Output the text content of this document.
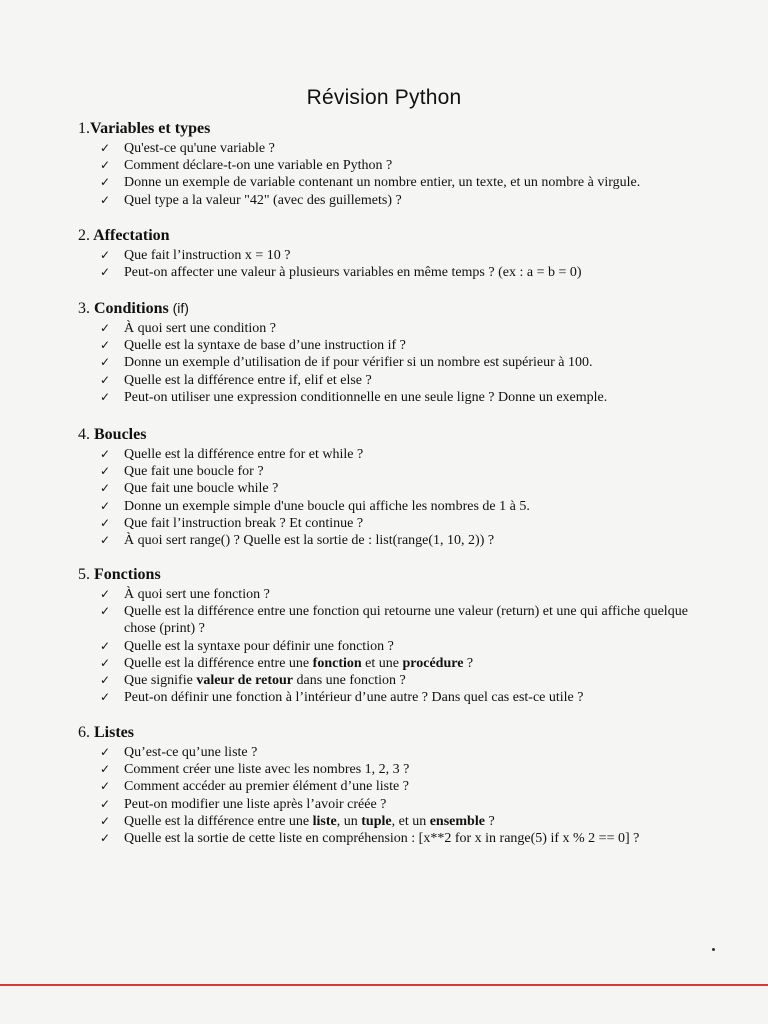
Révision Python
1.Variables et types
✓ Qu'est-ce qu'une variable ?
✓ Comment déclare-t-on une variable en Python ?
✓ Donne un exemple de variable contenant un nombre entier, un texte, et un nombre à virgule.
✓ Quel type a la valeur "42" (avec des guillemets) ?
2. Affectation
✓ Que fait l’instruction x = 10 ?
✓ Peut-on affecter une valeur à plusieurs variables en même temps ? (ex : a = b = 0)
3. Conditions (if)
✓ À quoi sert une condition ?
✓ Quelle est la syntaxe de base d’une instruction if ?
✓ Donne un exemple d’utilisation de if pour vérifier si un nombre est supérieur à 100.
✓ Quelle est la différence entre if, elif et else ?
✓ Peut-on utiliser une expression conditionnelle en une seule ligne ? Donne un exemple.
4. Boucles
✓ Quelle est la différence entre for et while ?
✓ Que fait une boucle for ?
✓ Que fait une boucle while ?
✓ Donne un exemple simple d'une boucle qui affiche les nombres de 1 à 5.
✓ Que fait l’instruction break ? Et continue ?
✓ À quoi sert range() ? Quelle est la sortie de : list(range(1, 10, 2)) ?
5. Fonctions
✓ À quoi sert une fonction ?
✓ Quelle est la différence entre une fonction qui retourne une valeur (return) et une qui affiche quelque chose (print) ?
✓ Quelle est la syntaxe pour définir une fonction ?
✓ Quelle est la différence entre une fonction et une procédure ?
✓ Que signifie valeur de retour dans une fonction ?
✓ Peut-on définir une fonction à l’intérieur d’une autre ? Dans quel cas est-ce utile ?
6. Listes
✓ Qu’est-ce qu’une liste ?
✓ Comment créer une liste avec les nombres 1, 2, 3 ?
✓ Comment accéder au premier élément d’une liste ?
✓ Peut-on modifier une liste après l’avoir créée ?
✓ Quelle est la différence entre une liste, un tuple, et un ensemble ?
✓ Quelle est la sortie de cette liste en compréhension : [x**2 for x in range(5) if x % 2 == 0] ?
